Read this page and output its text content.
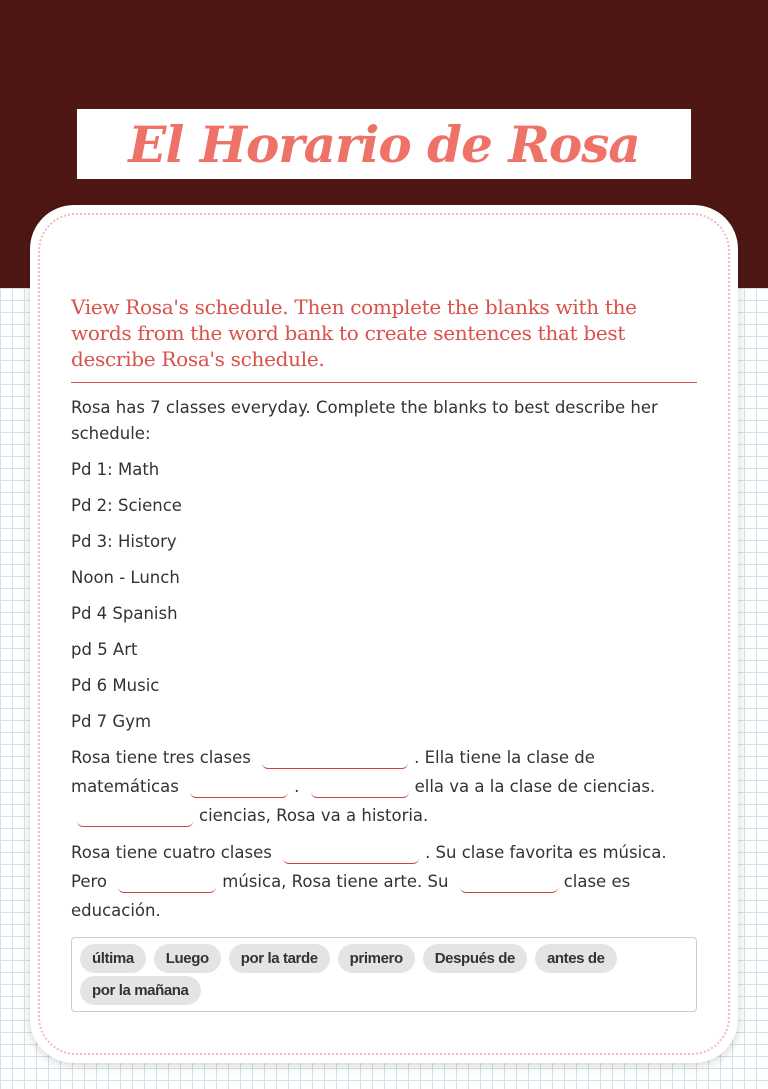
El Horario de Rosa
View Rosa's schedule. Then complete the blanks with the words from the word bank to create sentences that best describe Rosa's schedule.
Rosa has 7 classes everyday. Complete the blanks to best describe her schedule:
Pd 1: Math
Pd 2: Science
Pd 3: History
Noon - Lunch
Pd 4 Spanish
pd 5 Art
Pd 6 Music
Pd 7 Gym
Rosa tiene tres clases	. Ella tiene la clase de matemáticas	.	ella va a la clase de ciencias. ciencias, Rosa va a historia.
Rosa tiene cuatro clases	. Su clase favorita es música. Pero	música, Rosa tiene arte. Su	clase es educación.
última	Luego	por la tarde	primero	Después de	antes de
por la mañana
